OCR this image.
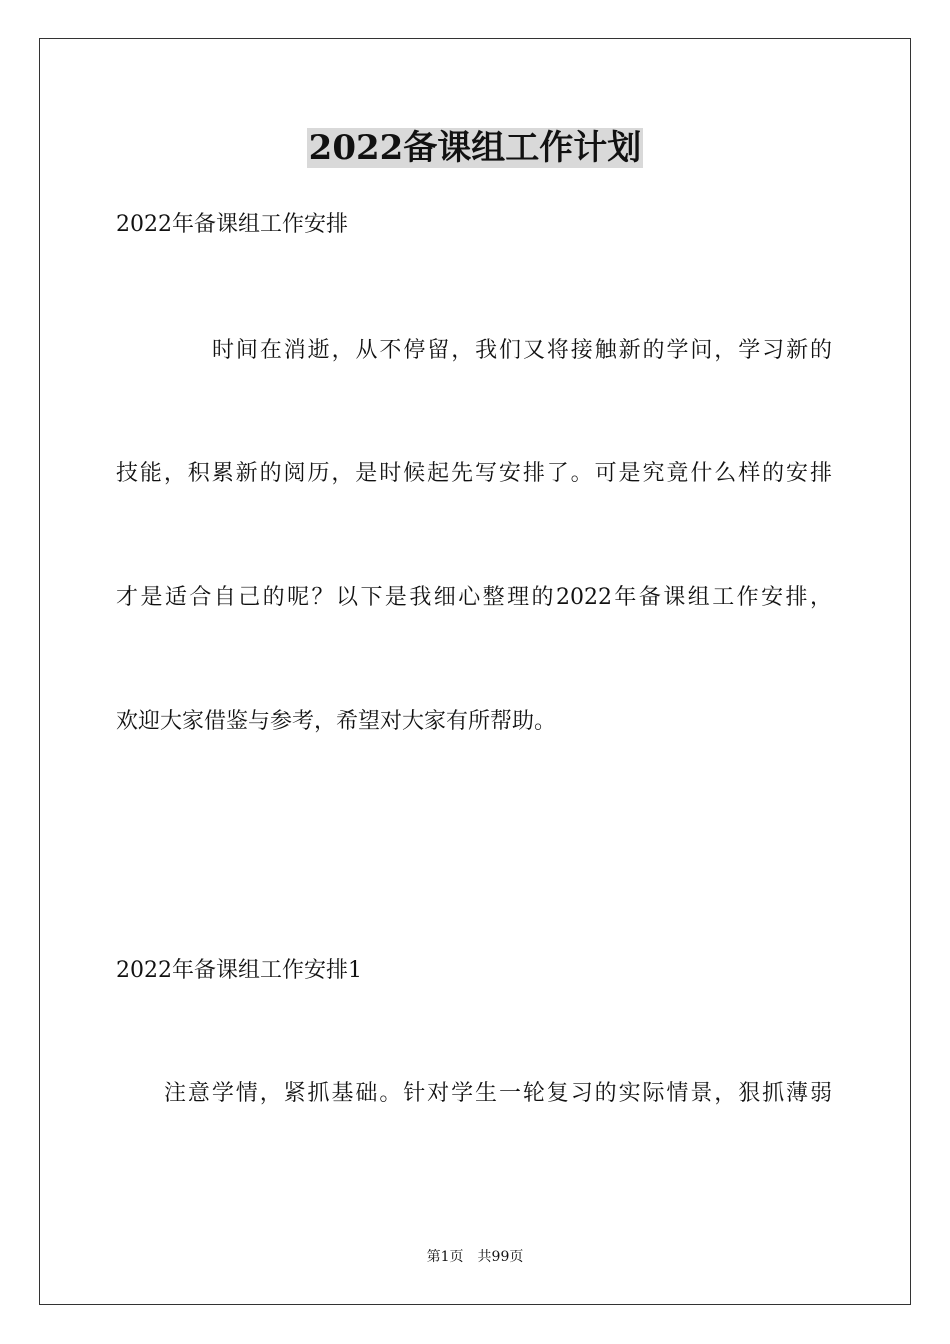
2022备课组工作计划
2022年备课组工作安排
时间在消逝，从不停留，我们又将接触新的学问，学习新的
技能，积累新的阅历，是时候起先写安排了。可是究竟什么样的安排
才是适合自己的呢？以下是我细心整理的2022年备课组工作安排，
欢迎大家借鉴与参考，希望对大家有所帮助。
2022年备课组工作安排1
注意学情，紧抓基础。针对学生一轮复习的实际情景，狠抓薄弱
第1页　共99页
